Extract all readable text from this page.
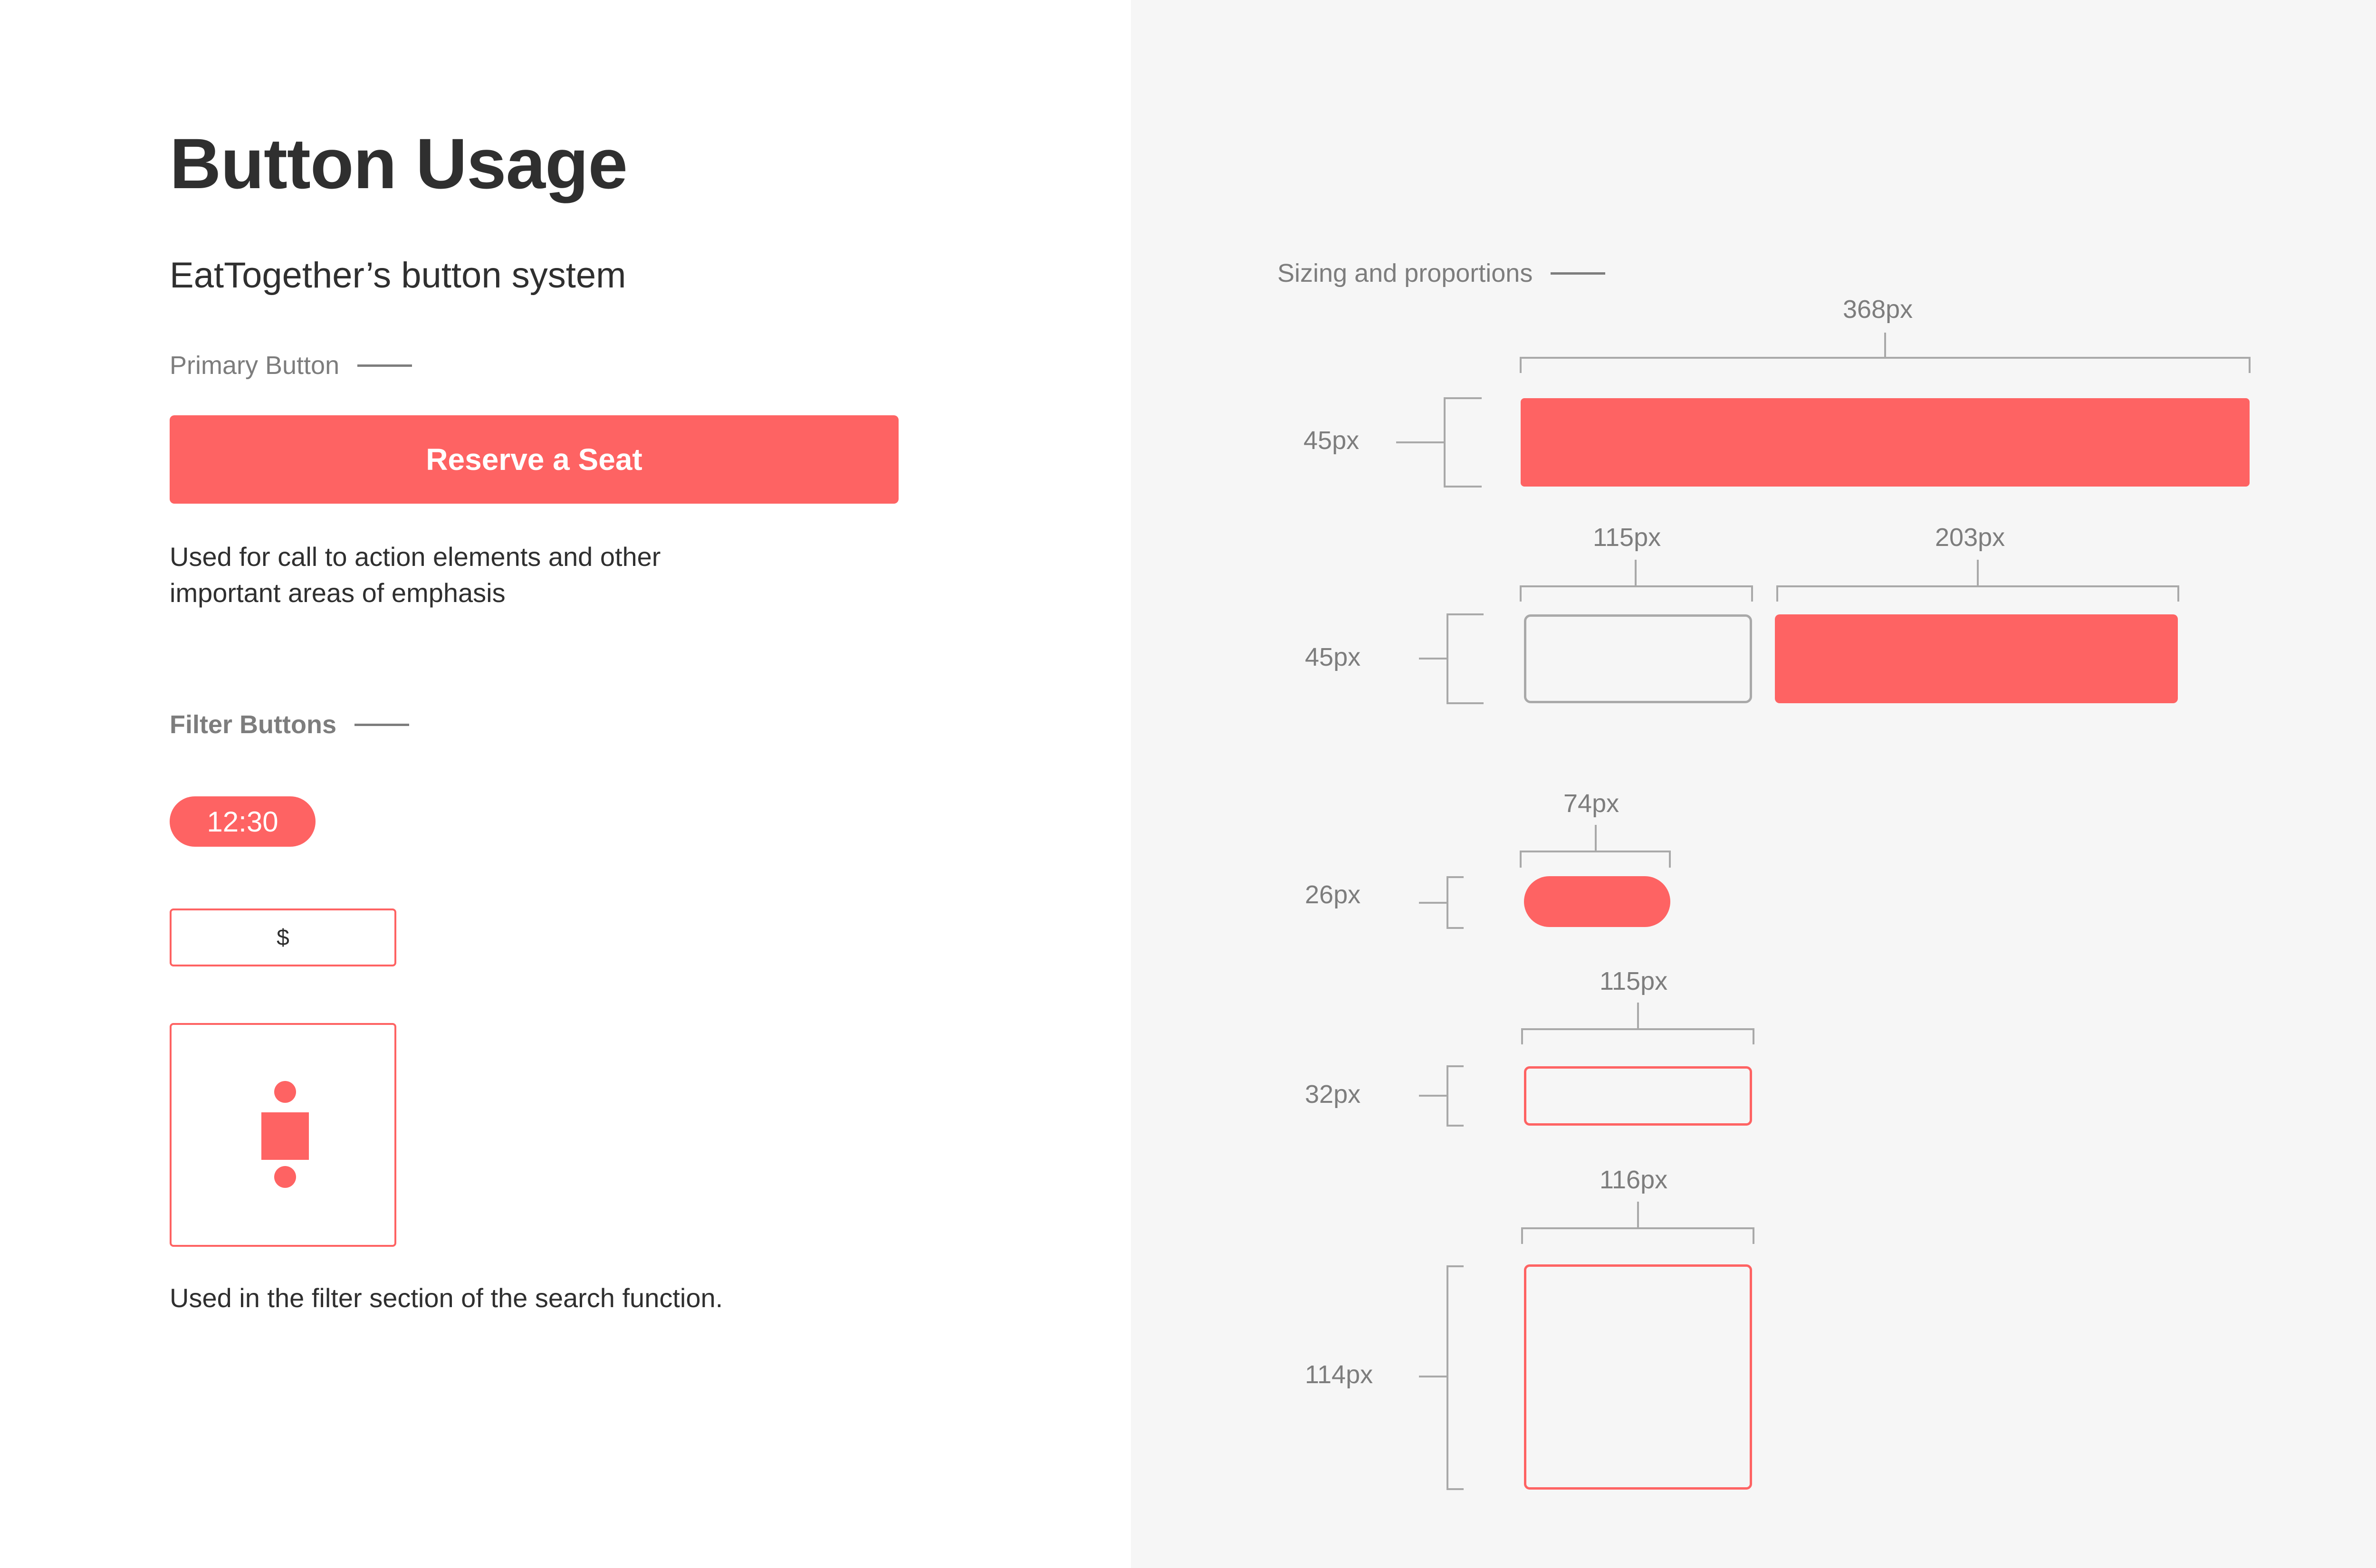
Button Usage
EatTogether’s button system
Primary Button
Reserve a Seat
Used for call to action elements and other
important areas of emphasis
Filter Buttons
12:30
$
Used in the filter section of the search function.
Sizing and proportions
368px
45px
115px	203px
45px
74px
26px
115px
32px
116px
114px
